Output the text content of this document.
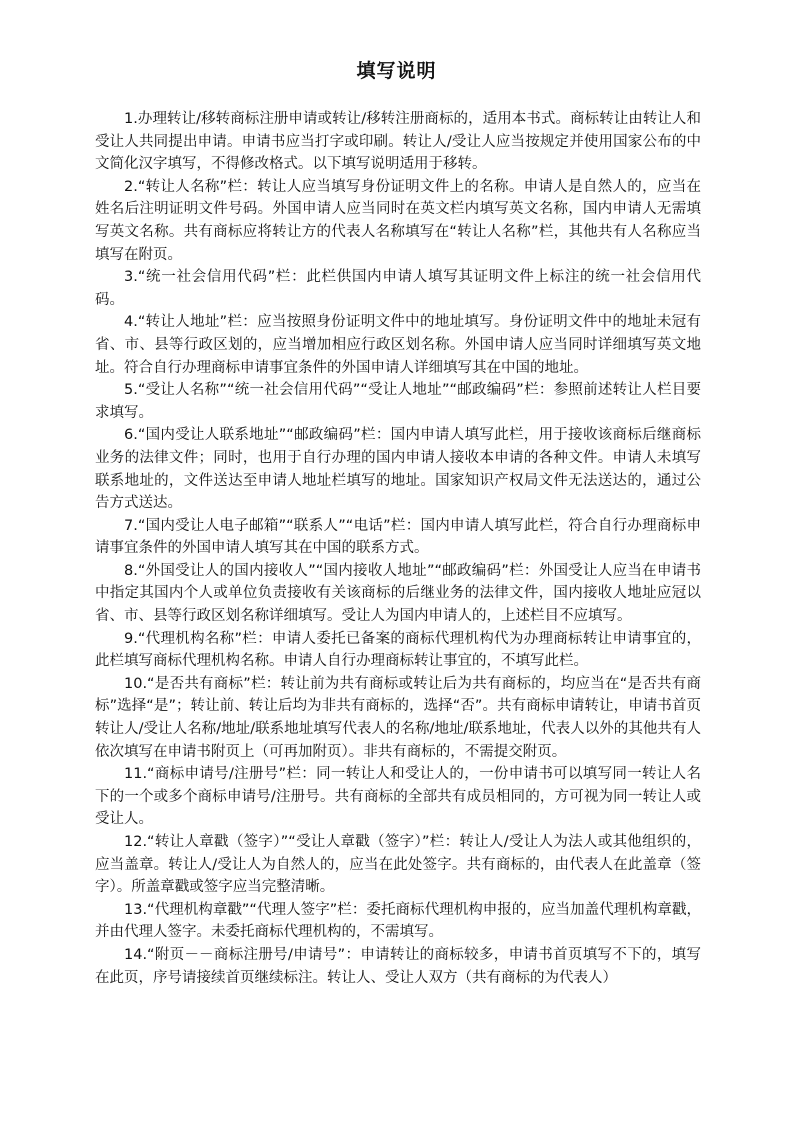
填写说明

1.办理转让/移转商标注册申请或转让/移转注册商标的，适用本书式。商标转让由转让人和受让人共同提出申请。申请书应当打字或印刷。转让人/受让人应当按规定并使用国家公布的中文简化汉字填写，不得修改格式。以下填写说明适用于移转。

2.“转让人名称”栏：转让人应当填写身份证明文件上的名称。申请人是自然人的，应当在姓名后注明证明文件号码。外国申请人应当同时在英文栏内填写英文名称，国内申请人无需填写英文名称。共有商标应将转让方的代表人名称填写在“转让人名称”栏，其他共有人名称应当填写在附页。

3.“统一社会信用代码”栏：此栏供国内申请人填写其证明文件上标注的统一社会信用代码。

4.“转让人地址”栏：应当按照身份证明文件中的地址填写。身份证明文件中的地址未冠有省、市、县等行政区划的，应当增加相应行政区划名称。外国申请人应当同时详细填写英文地址。符合自行办理商标申请事宜条件的外国申请人详细填写其在中国的地址。

5.“受让人名称”“统一社会信用代码”“受让人地址”“邮政编码”栏：参照前述转让人栏目要求填写。

6.“国内受让人联系地址”“邮政编码”栏：国内申请人填写此栏，用于接收该商标后继商标业务的法律文件；同时，也用于自行办理的国内申请人接收本申请的各种文件。申请人未填写联系地址的，文件送达至申请人地址栏填写的地址。国家知识产权局文件无法送达的，通过公告方式送达。

7.“国内受让人电子邮箱”“联系人”“电话”栏：国内申请人填写此栏，符合自行办理商标申请事宜条件的外国申请人填写其在中国的联系方式。

8.“外国受让人的国内接收人”“国内接收人地址”“邮政编码”栏：外国受让人应当在申请书中指定其国内个人或单位负责接收有关该商标的后继业务的法律文件，国内接收人地址应冠以省、市、县等行政区划名称详细填写。受让人为国内申请人的，上述栏目不应填写。

9.“代理机构名称”栏：申请人委托已备案的商标代理机构代为办理商标转让申请事宜的，此栏填写商标代理机构名称。申请人自行办理商标转让事宜的，不填写此栏。

10.“是否共有商标”栏：转让前为共有商标或转让后为共有商标的，均应当在“是否共有商标”选择“是”；转让前、转让后均为非共有商标的，选择“否”。共有商标申请转让，申请书首页转让人/受让人名称/地址/联系地址填写代表人的名称/地址/联系地址，代表人以外的其他共有人依次填写在申请书附页上（可再加附页）。非共有商标的，不需提交附页。

11.“商标申请号/注册号”栏：同一转让人和受让人的，一份申请书可以填写同一转让人名下的一个或多个商标申请号/注册号。共有商标的全部共有成员相同的，方可视为同一转让人或受让人。

12.“转让人章戳（签字）”“受让人章戳（签字）”栏：转让人/受让人为法人或其他组织的，应当盖章。转让人/受让人为自然人的，应当在此处签字。共有商标的，由代表人在此盖章（签字）。所盖章戳或签字应当完整清晰。

13.“代理机构章戳”“代理人签字”栏：委托商标代理机构申报的，应当加盖代理机构章戳，并由代理人签字。未委托商标代理机构的，不需填写。

14.“附页－－商标注册号/申请号”：申请转让的商标较多，申请书首页填写不下的，填写在此页，序号请接续首页继续标注。转让人、受让人双方（共有商标的为代表人）
